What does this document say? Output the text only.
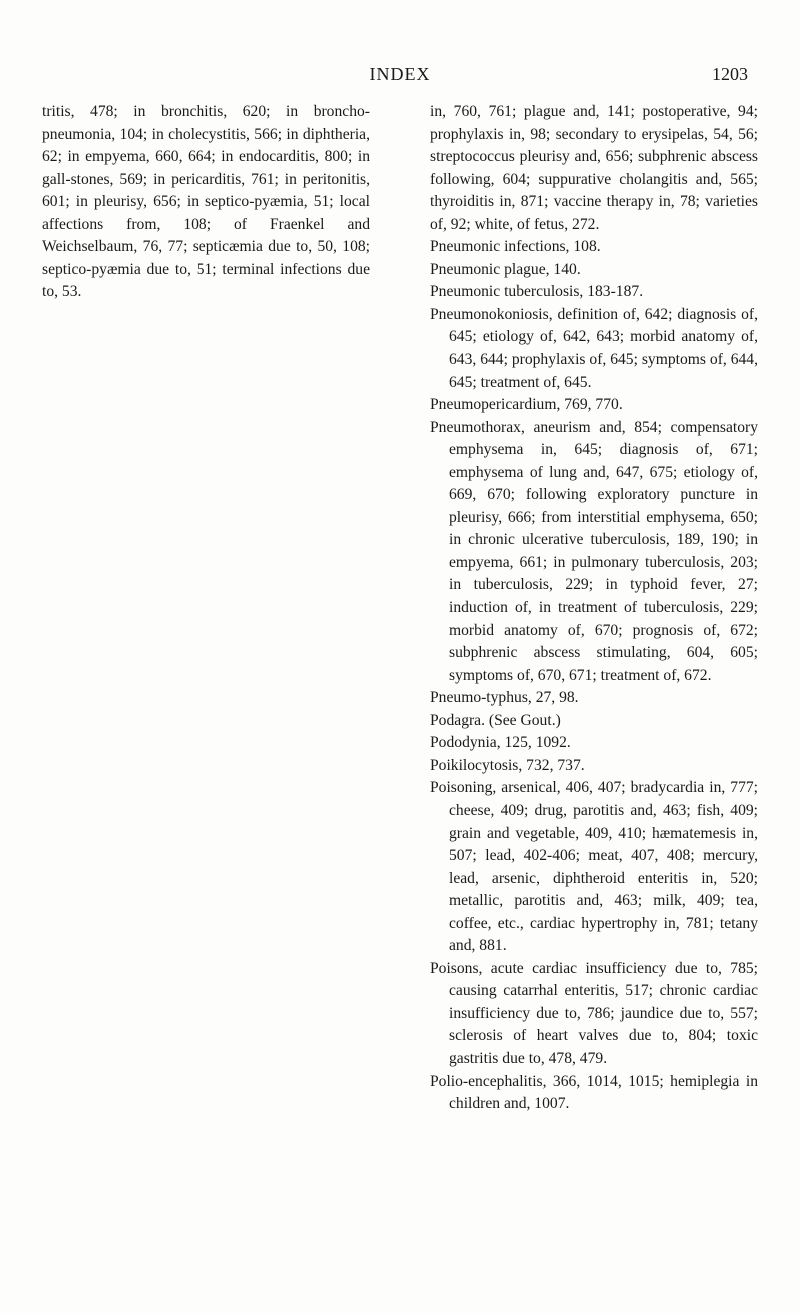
INDEX	1203

tritis, 478; in bronchitis, 620; in broncho-pneumonia, 104; in cholecystitis, 566; in diphtheria, 62; in empyema, 660, 664; in endocarditis, 800; in gall-stones, 569; in pericarditis, 761; in peritonitis, 601; in pleurisy, 656; in septico-pyæmia, 51; local affections from, 108; of Fraenkel and Weichselbaum, 76, 77; septicæmia due to, 50, 108; septico-pyæmia due to, 51; terminal infections due to, 53.

in, 760, 761; plague and, 141; postoperative, 94; prophylaxis in, 98; secondary to erysipelas, 54, 56; streptococcus pleurisy and, 656; subphrenic abscess following, 604; suppurative cholangitis and, 565; thyroiditis in, 871; vaccine therapy in, 78; varieties of, 92; white, of fetus, 272.

Pneumonic infections, 108.

Pneumonic plague, 140.

Pneumonic tuberculosis, 183-187.

Pneumonokoniosis, definition of, 642; diagnosis of, 645; etiology of, 642, 643; morbid anatomy of, 643, 644; prophylaxis of, 645; symptoms of, 644, 645; treatment of, 645.

Pneumopericardium, 769, 770.

Pneumothorax, aneurism and, 854; compensatory emphysema in, 645; diagnosis of, 671; emphysema of lung and, 647, 675; etiology of, 669, 670; following exploratory puncture in pleurisy, 666; from interstitial emphysema, 650; in chronic ulcerative tuberculosis, 189, 190; in empyema, 661; in pulmonary tuberculosis, 203; in tuberculosis, 229; in typhoid fever, 27; induction of, in treatment of tuberculosis, 229; morbid anatomy of, 670; prognosis of, 672; subphrenic abscess stimulating, 604, 605; symptoms of, 670, 671; treatment of, 672.

Pneumo-typhus, 27, 98.

Podagra. (See Gout.)

Pododynia, 125, 1092.

Poikilocytosis, 732, 737.

Poisoning, arsenical, 406, 407; bradycardia in, 777; cheese, 409; drug, parotitis and, 463; fish, 409; grain and vegetable, 409, 410; hæmatemesis in, 507; lead, 402-406; meat, 407, 408; mercury, lead, arsenic, diphtheroid enteritis in, 520; metallic, parotitis and, 463; milk, 409; tea, coffee, etc., cardiac hypertrophy in, 781; tetany and, 881.

Poisons, acute cardiac insufficiency due to, 785; causing catarrhal enteritis, 517; chronic cardiac insufficiency due to, 786; jaundice due to, 557; sclerosis of heart valves due to, 804; toxic gastritis due to, 478, 479.

Polio-encephalitis, 366, 1014, 1015; hemiplegia in children and, 1007.
